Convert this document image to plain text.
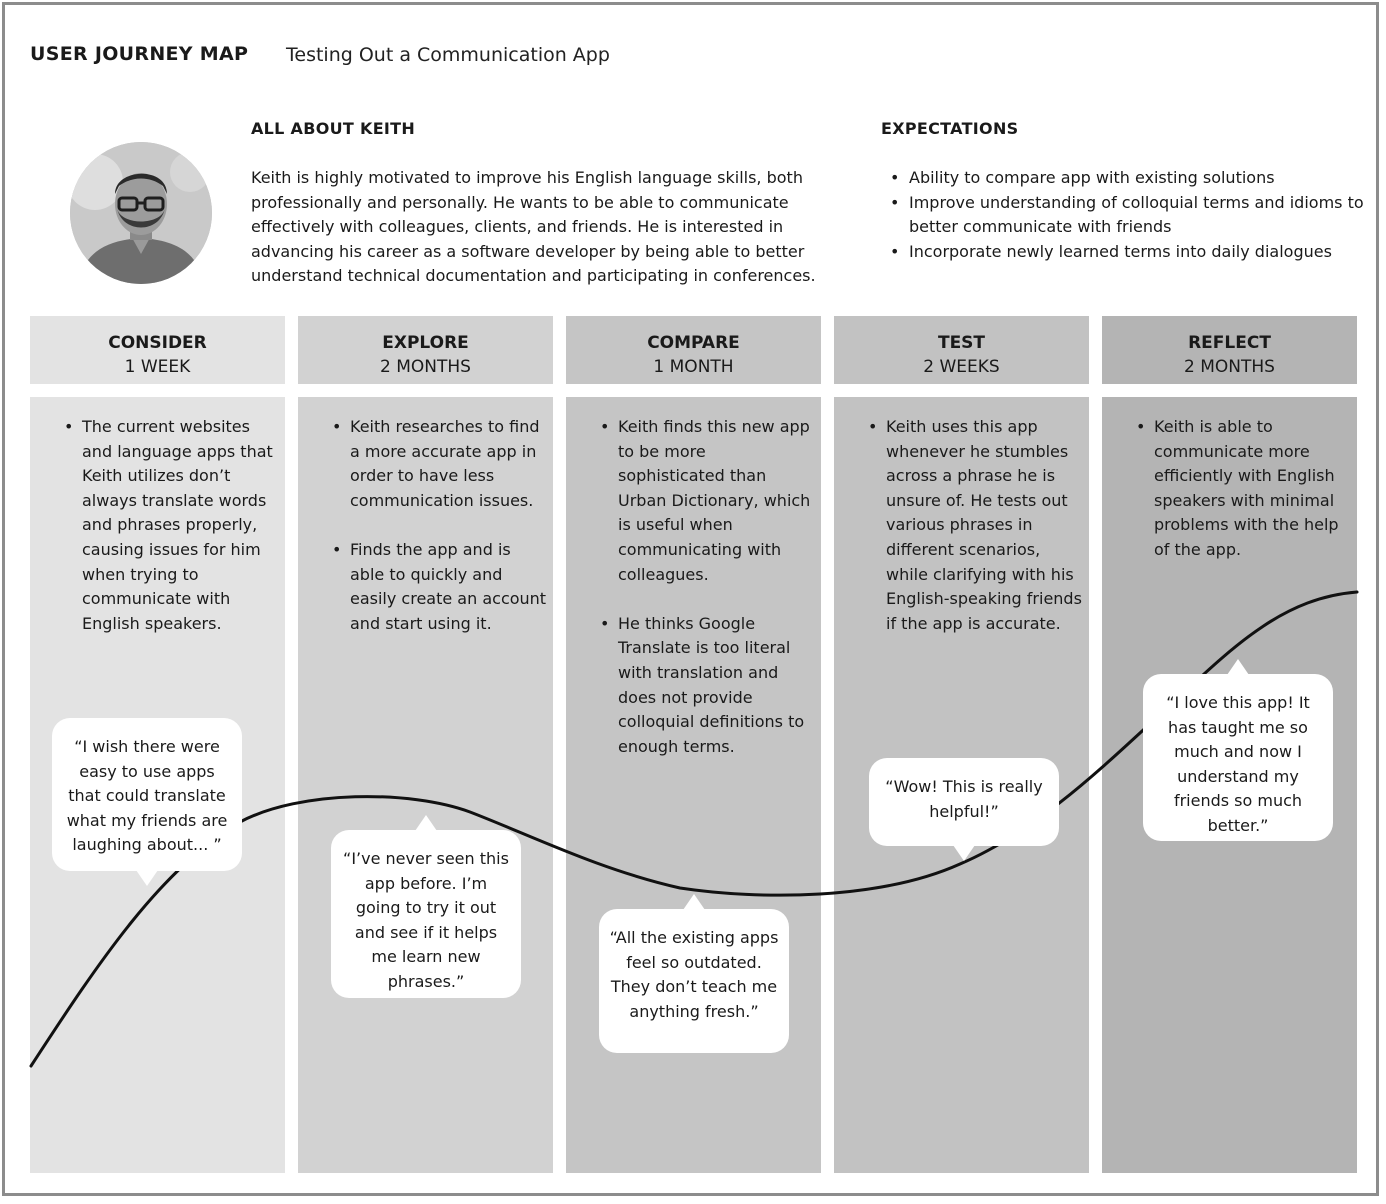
USER JOURNEY MAP Testing Out a Communication App
ALL ABOUT KEITH

Keith is highly motivated to improve his English language skills, both professionally and personally. He wants to be able to communicate effectively with colleagues, clients, and friends. He is interested in advancing his career as a software developer by being able to better understand technical documentation and participating in conferences.

EXPECTATIONS
• Ability to compare app with existing solutions
• Improve understanding of colloquial terms and idioms to better communicate with friends
• Incorporate newly learned terms into daily dialogues
CONSIDER
1 WEEK
EXPLORE
2 MONTHS
COMPARE
1 MONTH
TEST
2 WEEKS
REFLECT
2 MONTHS
• The current websites and language apps that Keith utilizes don’t always translate words and phrases properly, causing issues for him when trying to communicate with English speakers.
• Keith researches to find a more accurate app in order to have less communication issues.
• Finds the app and is able to quickly and easily create an account and start using it.
• Keith finds this new app to be more sophisticated than Urban Dictionary, which is useful when communicating with colleagues.
• He thinks Google Translate is too literal with translation and does not provide colloquial definitions to enough terms.
• Keith uses this app whenever he stumbles across a phrase he is unsure of. He tests out various phrases in different scenarios, while clarifying with his English-speaking friends if the app is accurate.
• Keith is able to communicate more efficiently with English speakers with minimal problems with the help of the app.
“I wish there were easy to use apps that could translate what my friends are laughing about... ”
“I’ve never seen this app before. I’m going to try it out and see if it helps me learn new phrases.”
“All the existing apps feel so outdated. They don’t teach me anything fresh.”
“Wow! This is really helpful!”
“I love this app! It has taught me so much and now I understand my friends so much better.”
